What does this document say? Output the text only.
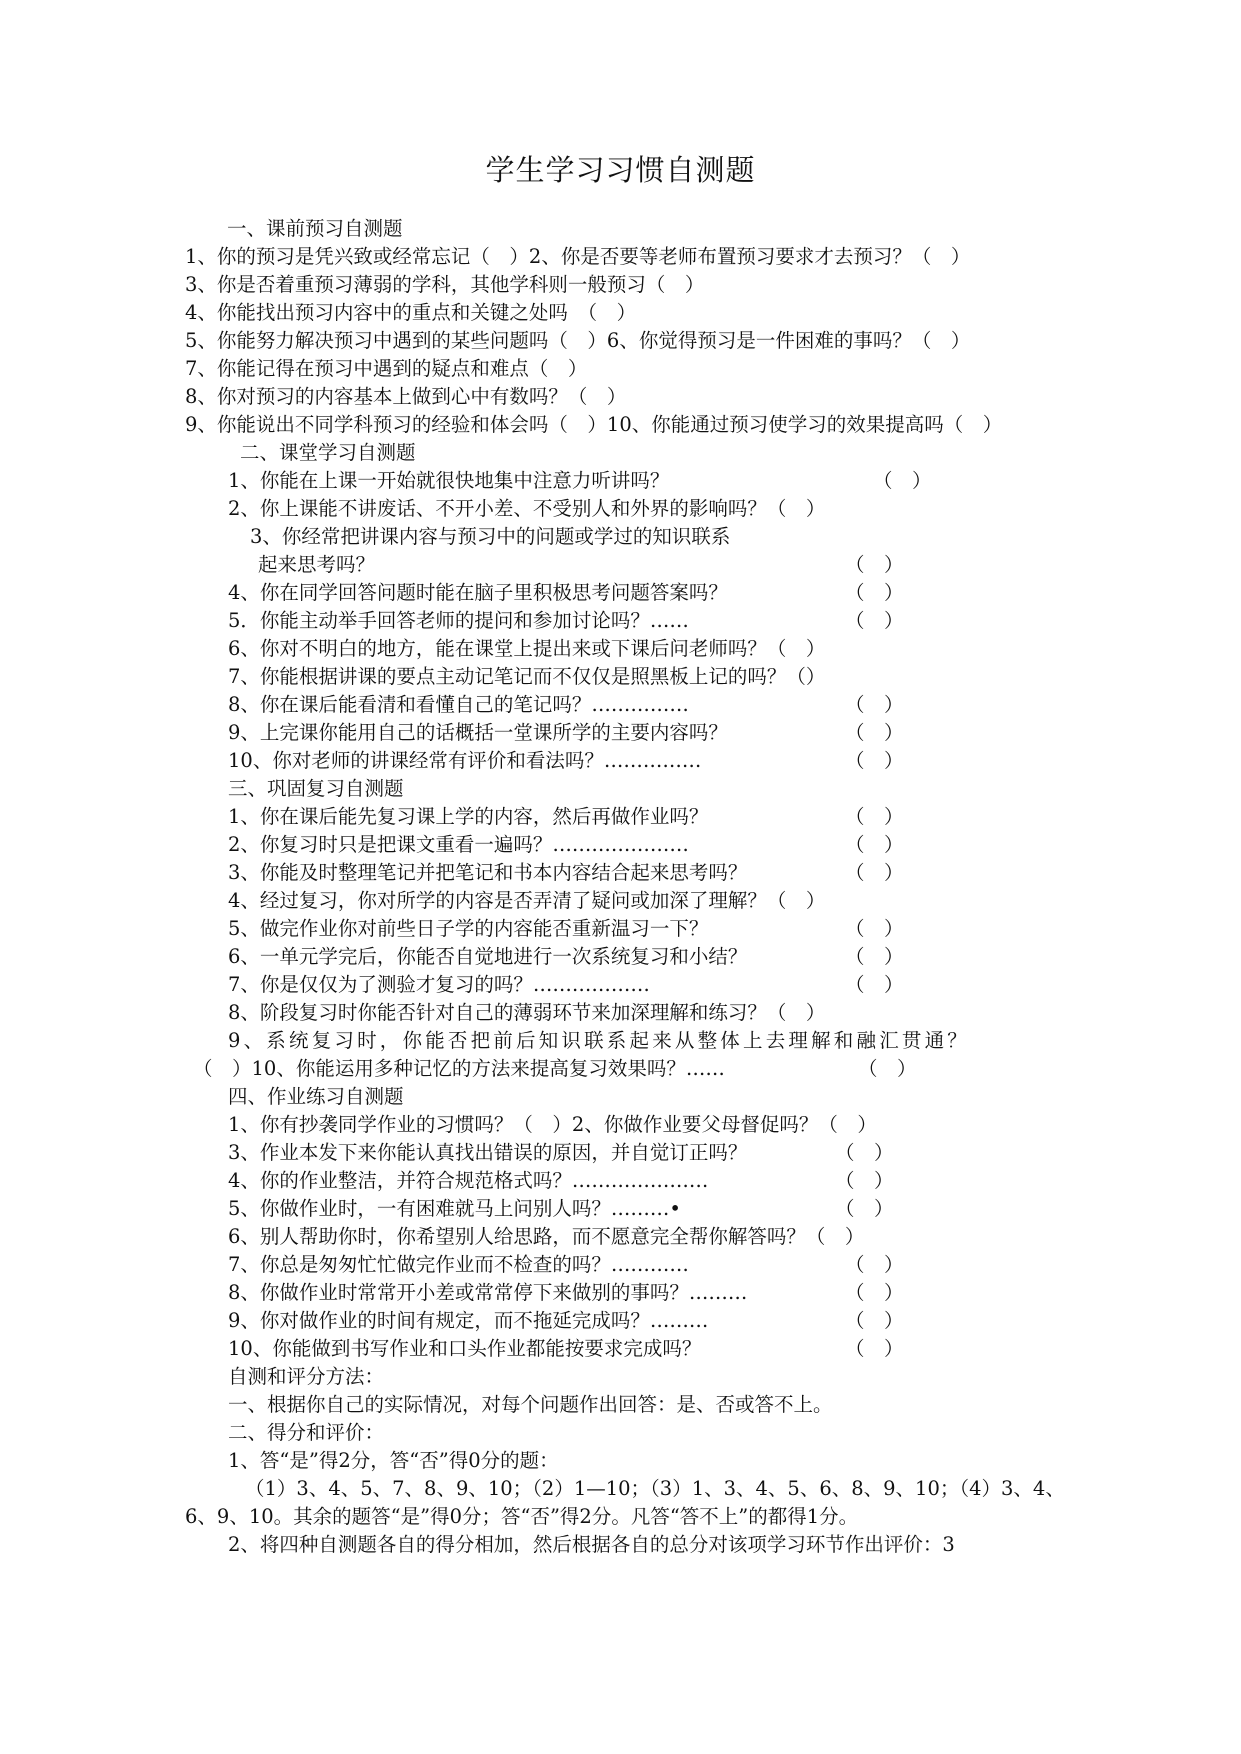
学生学习习惯自测题
一、课前预习自测题
1、你的预习是凭兴致或经常忘记（　）2、你是否要等老师布置预习要求才去预习？（　）
3、你是否着重预习薄弱的学科，其他学科则一般预习（　）
4、你能找出预习内容中的重点和关键之处吗　（　）
5、你能努力解决预习中遇到的某些问题吗（　）6、你觉得预习是一件困难的事吗？（　）
7、你能记得在预习中遇到的疑点和难点（　）
8、你对预习的内容基本上做到心中有数吗？（　）
9、你能说出不同学科预习的经验和体会吗（　）10、你能通过预习使学习的效果提高吗（　）
二、课堂学习自测题
1、你能在上课一开始就很快地集中注意力听讲吗？	（　）
2、你上课能不讲废话、不开小差、不受别人和外界的影响吗？（　）
3、你经常把讲课内容与预习中的问题或学过的知识联系
起来思考吗？	（　）
4、你在同学回答问题时能在脑子里积极思考问题答案吗？	（　）
5．你能主动举手回答老师的提问和参加讨论吗？……	（　）
6、你对不明白的地方，能在课堂上提出来或下课后问老师吗？（　）
7、你能根据讲课的要点主动记笔记而不仅仅是照黑板上记的吗？（）
8、你在课后能看清和看懂自己的笔记吗？……………	（　）
9、上完课你能用自己的话概括一堂课所学的主要内容吗？	（　）
10、你对老师的讲课经常有评价和看法吗？……………	（　）
三、巩固复习自测题
1、你在课后能先复习课上学的内容，然后再做作业吗？	（　）
2、你复习时只是把课文重看一遍吗？…………………	（　）
3、你能及时整理笔记并把笔记和书本内容结合起来思考吗？	（　）
4、经过复习，你对所学的内容是否弄清了疑问或加深了理解？（　）
5、做完作业你对前些日子学的内容能否重新温习一下？	（　）
6、一单元学完后，你能否自觉地进行一次系统复习和小结？	（　）
7、你是仅仅为了测验才复习的吗？………………	（　）
8、阶段复习时你能否针对自己的薄弱环节来加深理解和练习？（　）
9、系统复习时，你能否把前后知识联系起来从整体上去理解和融汇贯通？
（　）10、你能运用多种记忆的方法来提高复习效果吗？……	（　）
四、作业练习自测题
1、你有抄袭同学作业的习惯吗？（　）2、你做作业要父母督促吗？（　）
3、作业本发下来你能认真找出错误的原因，并自觉订正吗？	（　）
4、你的作业整洁，并符合规范格式吗？…………………	（　）
5、你做作业时，一有困难就马上问别人吗？………•	（　）
6、别人帮助你时，你希望别人给思路，而不愿意完全帮你解答吗？（　）
7、你总是匆匆忙忙做完作业而不检查的吗？…………	（　）
8、你做作业时常常开小差或常常停下来做别的事吗？………	（　）
9、你对做作业的时间有规定，而不拖延完成吗？………	（　）
10、你能做到书写作业和口头作业都能按要求完成吗？	（　）
自测和评分方法：
一、根据你自己的实际情况，对每个问题作出回答：是、否或答不上。
二、得分和评价：
1、答“是”得2分，答“否”得0分的题：
（1）3、4、5、7、8、9、10；（2）1—10；（3）1、3、4、5、6、8、9、10；（4）3、4、
6、9、10。其余的题答“是”得0分；答“否”得2分。凡答“答不上”的都得1分。
2、将四种自测题各自的得分相加，然后根据各自的总分对该项学习环节作出评价：3
